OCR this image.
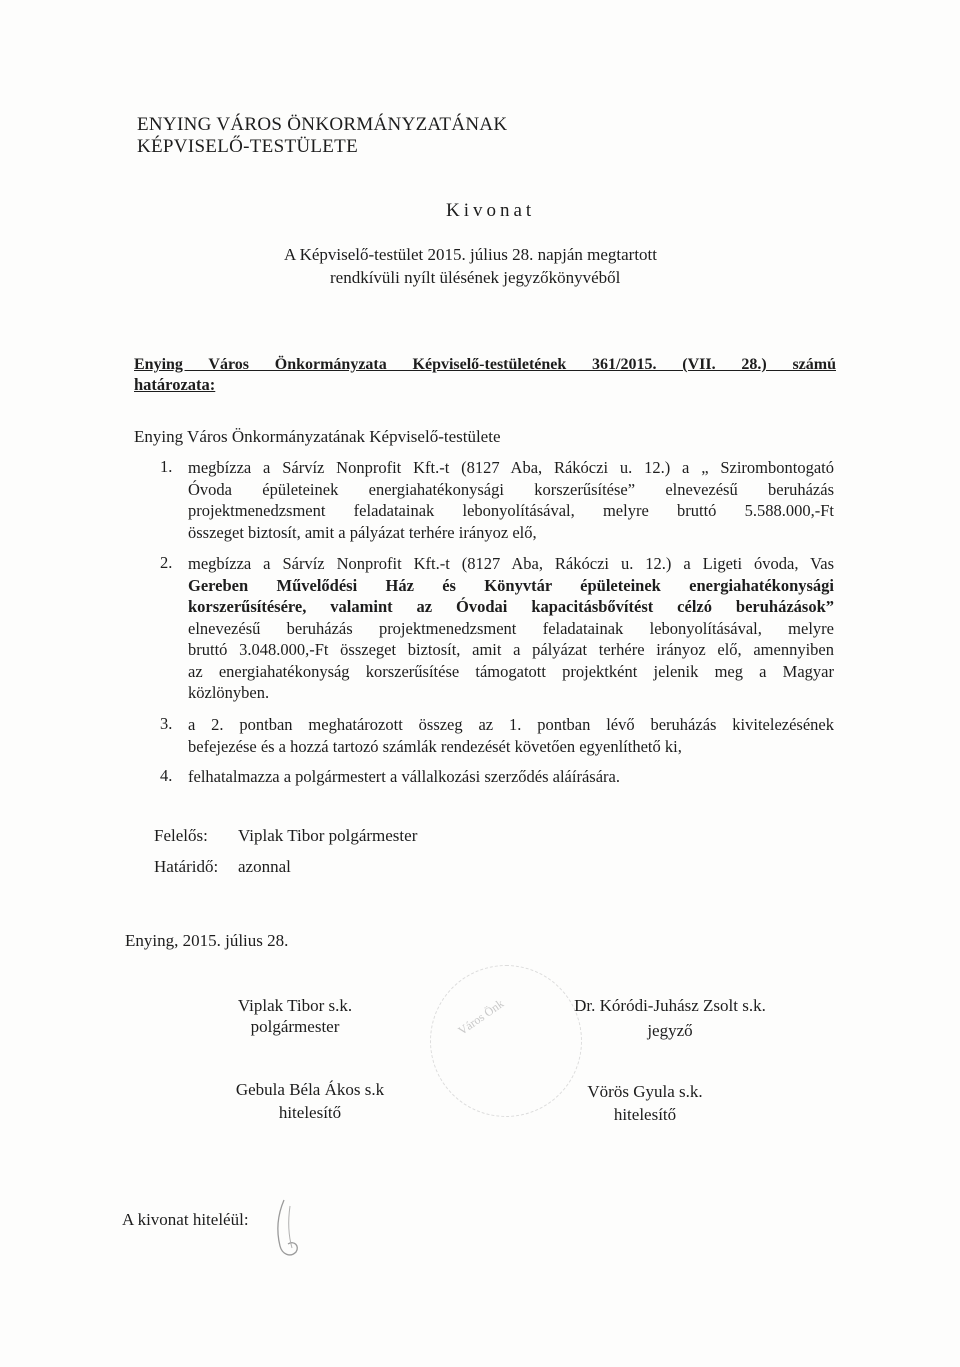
ENYING VÁROS ÖNKORMÁNYZATÁNAK
KÉPVISELŐ-TESTÜLETE
Kivonat
A Képviselő-testület 2015. július 28. napján megtartott
rendkívüli nyílt ülésének jegyzőkönyvéből
Enying Város Önkormányzata Képviselő-testületének 361/2015. (VII. 28.) számú
határozata:
Enying Város Önkormányzatának Képviselő-testülete
1. megbízza a Sárvíz Nonprofit Kft.-t (8127 Aba, Rákóczi u. 12.) a „ Szirombontogató
Óvoda épületeinek energiahatékonysági korszerűsítése” elnevezésű beruházás
projektmenedzsment feladatainak lebonyolításával, melyre bruttó 5.588.000,-Ft
összeget biztosít, amit a pályázat terhére irányoz elő,
2. megbízza a Sárvíz Nonprofit Kft.-t (8127 Aba, Rákóczi u. 12.) a Ligeti óvoda, Vas
Gereben Művelődési Ház és Könyvtár épületeinek energiahatékonysági
korszerűsítésére, valamint az Óvodai kapacitásbővítést célzó beruházások”
elnevezésű beruházás projektmenedzsment feladatainak lebonyolításával, melyre
bruttó 3.048.000,-Ft összeget biztosít, amit a pályázat terhére irányoz elő, amennyiben
az energiahatékonyság korszerűsítése támogatott projektként jelenik meg a Magyar
közlönyben.
3. a 2. pontban meghatározott összeg az 1. pontban lévő beruházás kivitelezésének
befejezése és a hozzá tartozó számlák rendezését követően egyenlíthető ki,
4. felhatalmazza a polgármestert a vállalkozási szerződés aláírására.
Felelős: Viplak Tibor polgármester
Határidő: azonnal
Enying, 2015. július 28.
Város Önk
Viplak Tibor s.k.
polgármester
Dr. Kóródi-Juhász Zsolt s.k.
jegyző
Gebula Béla Ákos s.k
hitelesítő
Vörös Gyula s.k.
hitelesítő
A kivonat hiteléül:
